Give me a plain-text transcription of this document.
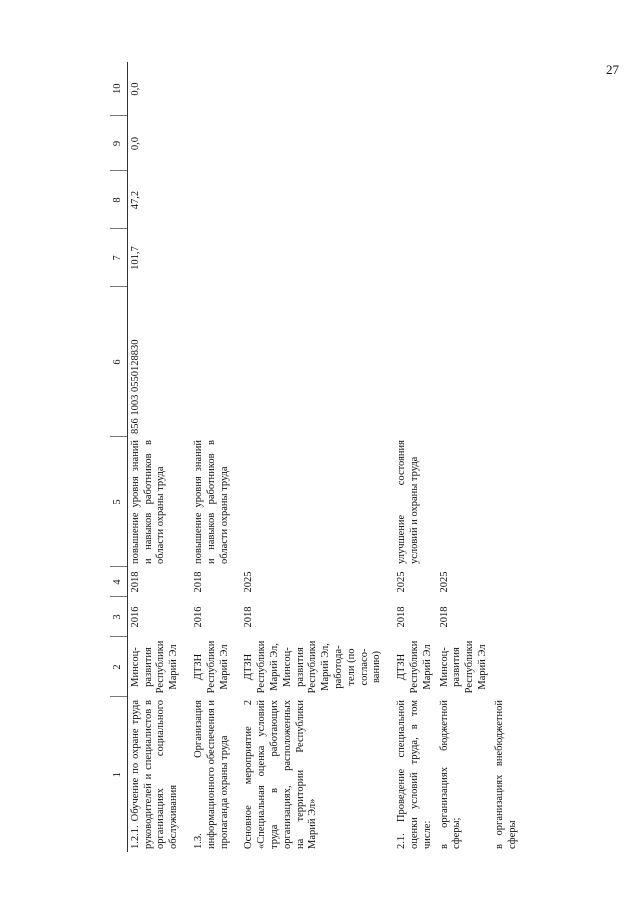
27
1	2	3	4	5	6	7	8	9	10
1.2.1. Обучение по охране труда руководителей и специалистов в организациях социального обслуживания	Минсоц-развития Республики Марий Эл	2016	2018	повышение уровня знаний и навыков работников в области охраны труда	856 1003 0550128830	101,7	47,2	0,0	0,0
1.3. Организация информационного обеспечения и пропаганда охраны труда	ДТЗН Республики Марий Эл	2016	2018	повышение уровня знаний и навыков работников в области охраны труда					
Основное мероприятие 2 «Специальная оценка условий труда в работающих организациях, расположенных на территории Республики Марий Эл»	ДТЗН Республики Марий Эл, Минсоц-развития Республики Марий Эл, работода-тели (по согласо-ванию)	2018	2025						
2.1. Проведение специальной оценки условий труда, в том числе:	ДТЗН Республики Марий Эл	2018	2025	улучшение состояния условий и охраны труда					
в организациях бюджетной сферы;	Минсоц-развития Республики Марий Эл	2018	2025						
в организациях внебюджетной сферы									
